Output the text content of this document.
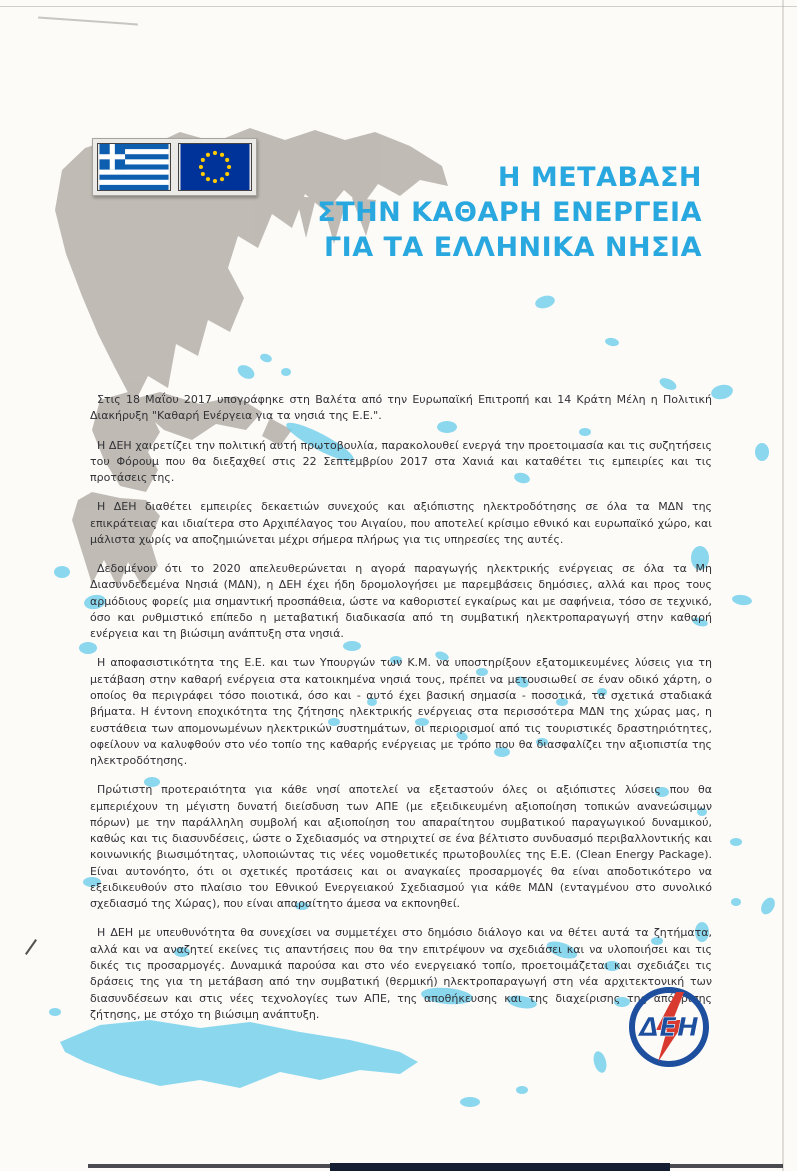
Η ΜΕΤΑΒΑΣΗ
ΣΤΗΝ ΚΑΘΑΡΗ ΕΝΕΡΓΕΙΑ
ΓΙΑ ΤΑ ΕΛΛΗΝΙΚΑ ΝΗΣΙΑ

Στις 18 Μαΐου 2017 υπογράφηκε στη Βαλέτα από την Ευρωπαϊκή Επιτροπή και 14 Κράτη Μέλη η Πολιτική Διακήρυξη "Καθαρή Ενέργεια για τα νησιά της Ε.Ε.".

Η ΔΕΗ χαιρετίζει την πολιτική αυτή πρωτοβουλία, παρακολουθεί ενεργά την προετοιμασία και τις συζητήσεις του Φόρουμ που θα διεξαχθεί στις 22 Σεπτεμβρίου 2017 στα Χανιά και καταθέτει τις εμπειρίες και τις προτάσεις της.

Η ΔΕΗ διαθέτει εμπειρίες δεκαετιών συνεχούς και αξιόπιστης ηλεκτροδότησης σε όλα τα ΜΔΝ της επικράτειας και ιδιαίτερα στο Αρχιπέλαγος του Αιγαίου, που αποτελεί κρίσιμο εθνικό και ευρωπαϊκό χώρο, και μάλιστα χωρίς να αποζημιώνεται μέχρι σήμερα πλήρως για τις υπηρεσίες της αυτές.

Δεδομένου ότι το 2020 απελευθερώνεται η αγορά παραγωγής ηλεκτρικής ενέργειας σε όλα τα Μη Διασυνδεδεμένα Νησιά (ΜΔΝ), η ΔΕΗ έχει ήδη δρομολογήσει με παρεμβάσεις δημόσιες, αλλά και προς τους αρμόδιους φορείς μια σημαντική προσπάθεια, ώστε να καθοριστεί εγκαίρως και με σαφήνεια, τόσο σε τεχνικό, όσο και ρυθμιστικό επίπεδο η μεταβατική διαδικασία από τη συμβατική ηλεκτροπαραγωγή στην καθαρή ενέργεια και τη βιώσιμη ανάπτυξη στα νησιά.

Η αποφασιστικότητα της Ε.Ε. και των Υπουργών των Κ.Μ. να υποστηρίξουν εξατομικευμένες λύσεις για τη μετάβαση στην καθαρή ενέργεια στα κατοικημένα νησιά τους, πρέπει να μετουσιωθεί σε έναν οδικό χάρτη, ο οποίος θα περιγράφει τόσο ποιοτικά, όσο και - αυτό έχει βασική σημασία - ποσοτικά, τα σχετικά σταδιακά βήματα. Η έντονη εποχικότητα της ζήτησης ηλεκτρικής ενέργειας στα περισσότερα ΜΔΝ της χώρας μας, η ευστάθεια των απομονωμένων ηλεκτρικών συστημάτων, οι περιορισμοί από τις τουριστικές δραστηριότητες, οφείλουν να καλυφθούν στο νέο τοπίο της καθαρής ενέργειας με τρόπο που θα διασφαλίζει την αξιοπιστία της ηλεκτροδότησης.

Πρώτιστη προτεραιότητα για κάθε νησί αποτελεί να εξεταστούν όλες οι αξιόπιστες λύσεις που θα εμπεριέχουν τη μέγιστη δυνατή διείσδυση των ΑΠΕ (με εξειδικευμένη αξιοποίηση τοπικών ανανεώσιμων πόρων) με την παράλληλη συμβολή και αξιοποίηση του απαραίτητου συμβατικού παραγωγικού δυναμικού, καθώς και τις διασυνδέσεις, ώστε ο Σχεδιασμός να στηριχτεί σε ένα βέλτιστο συνδυασμό περιβαλλοντικής και κοινωνικής βιωσιμότητας, υλοποιώντας τις νέες νομοθετικές πρωτοβουλίες της Ε.Ε. (Clean Energy Package). Είναι αυτονόητο, ότι οι σχετικές προτάσεις και οι αναγκαίες προσαρμογές θα είναι αποδοτικότερο να εξειδικευθούν στο πλαίσιο του Εθνικού Ενεργειακού Σχεδιασμού για κάθε ΜΔΝ (ενταγμένου στο συνολικό σχεδιασμό της Χώρας), που είναι απαραίτητο άμεσα να εκπονηθεί.

Η ΔΕΗ με υπευθυνότητα θα συνεχίσει να συμμετέχει στο δημόσιο διάλογο και να θέτει αυτά τα ζητήματα, αλλά και να αναζητεί εκείνες τις απαντήσεις που θα την επιτρέψουν να σχεδιάσει και να υλοποιήσει και τις δικές τις προσαρμογές. Δυναμικά παρούσα και στο νέο ενεργειακό τοπίο, προετοιμάζεται και σχεδιάζει τις δράσεις της για τη μετάβαση από την συμβατική (θερμική) ηλεκτροπαραγωγή στη νέα αρχιτεκτονική των διασυνδέσεων και στις νέες τεχνολογίες των ΑΠΕ, της αποθήκευσης και της διαχείρισης της απόκρισης ζήτησης, με στόχο τη βιώσιμη ανάπτυξη.	ΔΕΗ
